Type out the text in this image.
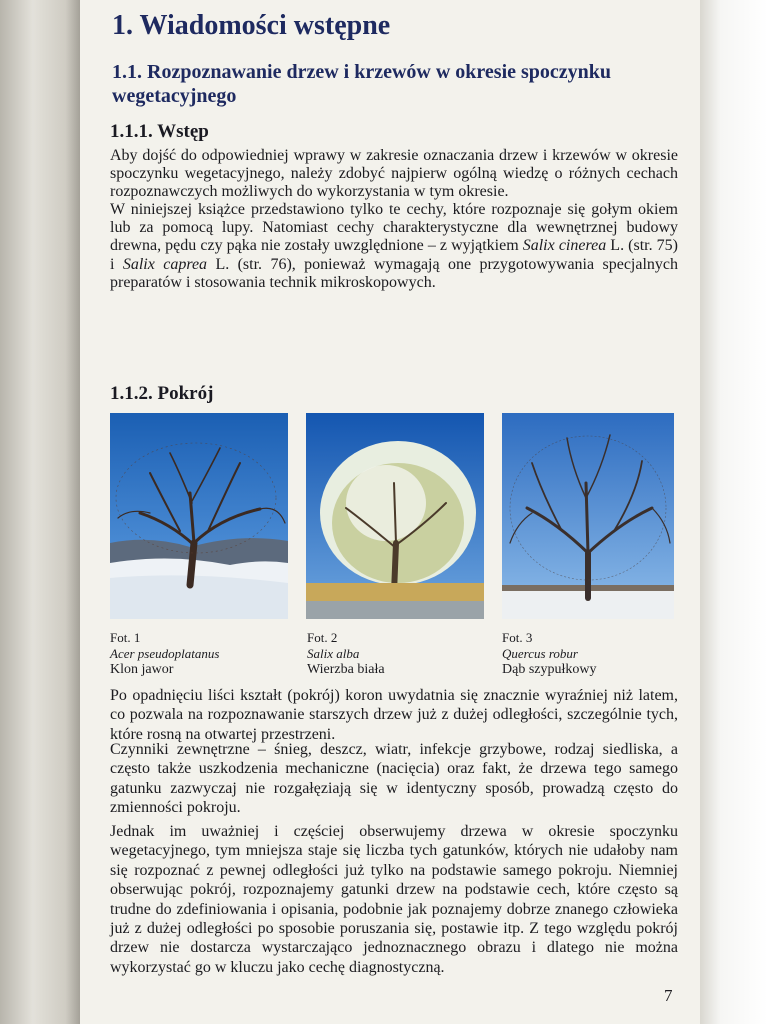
1. Wiadomości wstępne
1.1. Rozpoznawanie drzew i krzewów w okresie spoczynku wegetacyjnego
1.1.1. Wstęp

Aby dojść do odpowiedniej wprawy w zakresie oznaczania drzew i krzewów w okresie spoczynku wegetacyjnego, należy zdobyć najpierw ogólną wiedzę o różnych cechach rozpoznawczych możliwych do wykorzystania w tym okresie.

W niniejszej książce przedstawiono tylko te cechy, które rozpoznaje się gołym okiem lub za pomocą lupy. Natomiast cechy charakterystyczne dla wewnętrznej budowy drewna, pędu czy pąka nie zostały uwzględnione – z wyjątkiem Salix cinerea L. (str. 75) i Salix caprea L. (str. 76), ponieważ wymagają one przygotowywania specjalnych preparatów i stosowania technik mikroskopowych.

1.1.2. Pokrój
Fot. 1
Acer pseudoplatanus
Klon jawor
Fot. 2
Salix alba
Wierzba biała
Fot. 3
Quercus robur
Dąb szypułkowy

Po opadnięciu liści kształt (pokrój) koron uwydatnia się znacznie wyraźniej niż latem, co pozwala na rozpoznawanie starszych drzew już z dużej odległości, szczególnie tych, które rosną na otwartej przestrzeni.

Czynniki zewnętrzne – śnieg, deszcz, wiatr, infekcje grzybowe, rodzaj siedliska, a często także uszkodzenia mechaniczne (nacięcia) oraz fakt, że drzewa tego samego gatunku zazwyczaj nie rozgałęziają się w identyczny sposób, prowadzą często do zmienności pokroju.

Jednak im uważniej i częściej obserwujemy drzewa w okresie spoczynku wegetacyjnego, tym mniejsza staje się liczba tych gatunków, których nie udałoby nam się rozpoznać z pewnej odległości już tylko na podstawie samego pokroju. Niemniej obserwując pokrój, rozpoznajemy gatunki drzew na podstawie cech, które często są trudne do zdefiniowania i opisania, podobnie jak poznajemy dobrze znanego człowieka już z dużej odległości po sposobie poruszania się, postawie itp. Z tego względu pokrój drzew nie dostarcza wystarczająco jednoznacznego obrazu i dlatego nie można wykorzystać go w kluczu jako cechę diagnostyczną.

7
